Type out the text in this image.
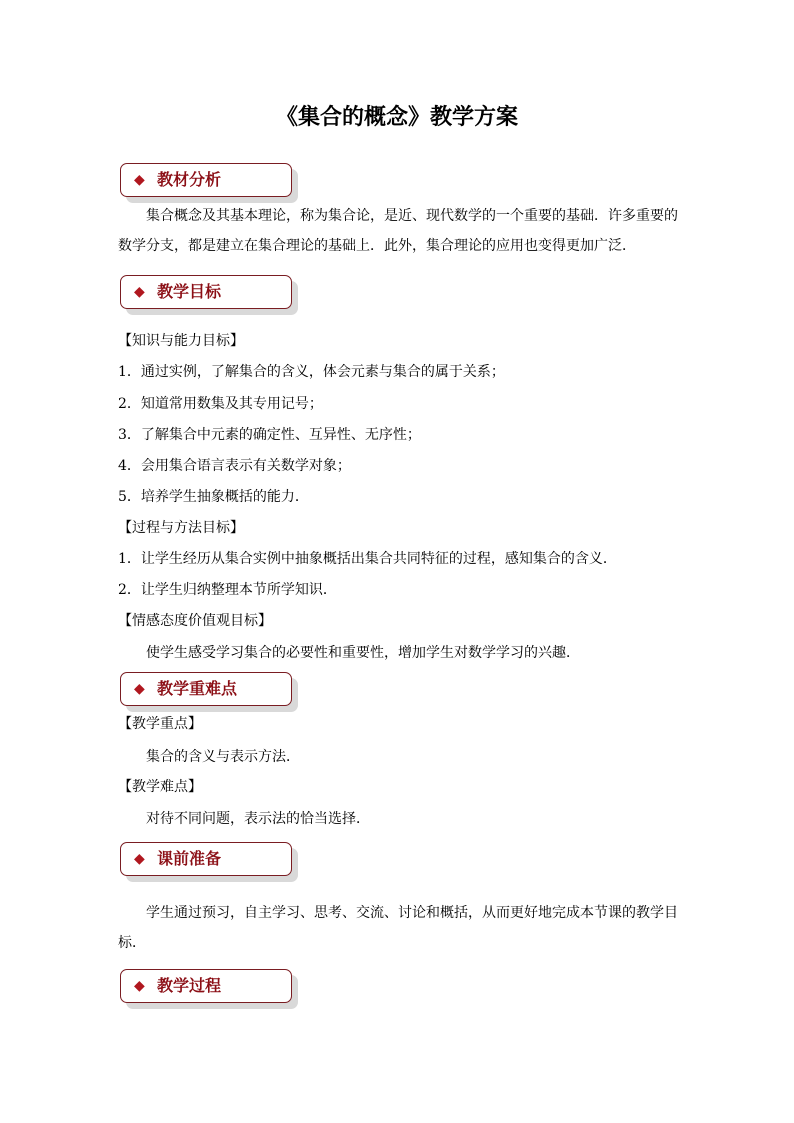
《集合的概念》教学方案
◆ 教材分析

集合概念及其基本理论，称为集合论，是近、现代数学的一个重要的基础．许多重要的数学分支，都是建立在集合理论的基础上．此外，集合理论的应用也变得更加广泛．

◆ 教学目标

【知识与能力目标】

1．通过实例，了解集合的含义，体会元素与集合的属于关系；

2．知道常用数集及其专用记号；

3．了解集合中元素的确定性、互异性、无序性；

4．会用集合语言表示有关数学对象；

5．培养学生抽象概括的能力．

【过程与方法目标】

1．让学生经历从集合实例中抽象概括出集合共同特征的过程，感知集合的含义．

2．让学生归纳整理本节所学知识．

【情感态度价值观目标】

使学生感受学习集合的必要性和重要性，增加学生对数学学习的兴趣．

◆ 教学重难点

【教学重点】

集合的含义与表示方法．

【教学难点】

对待不同问题，表示法的恰当选择．

◆ 课前准备

学生通过预习，自主学习、思考、交流、讨论和概括，从而更好地完成本节课的教学目标．

◆ 教学过程
